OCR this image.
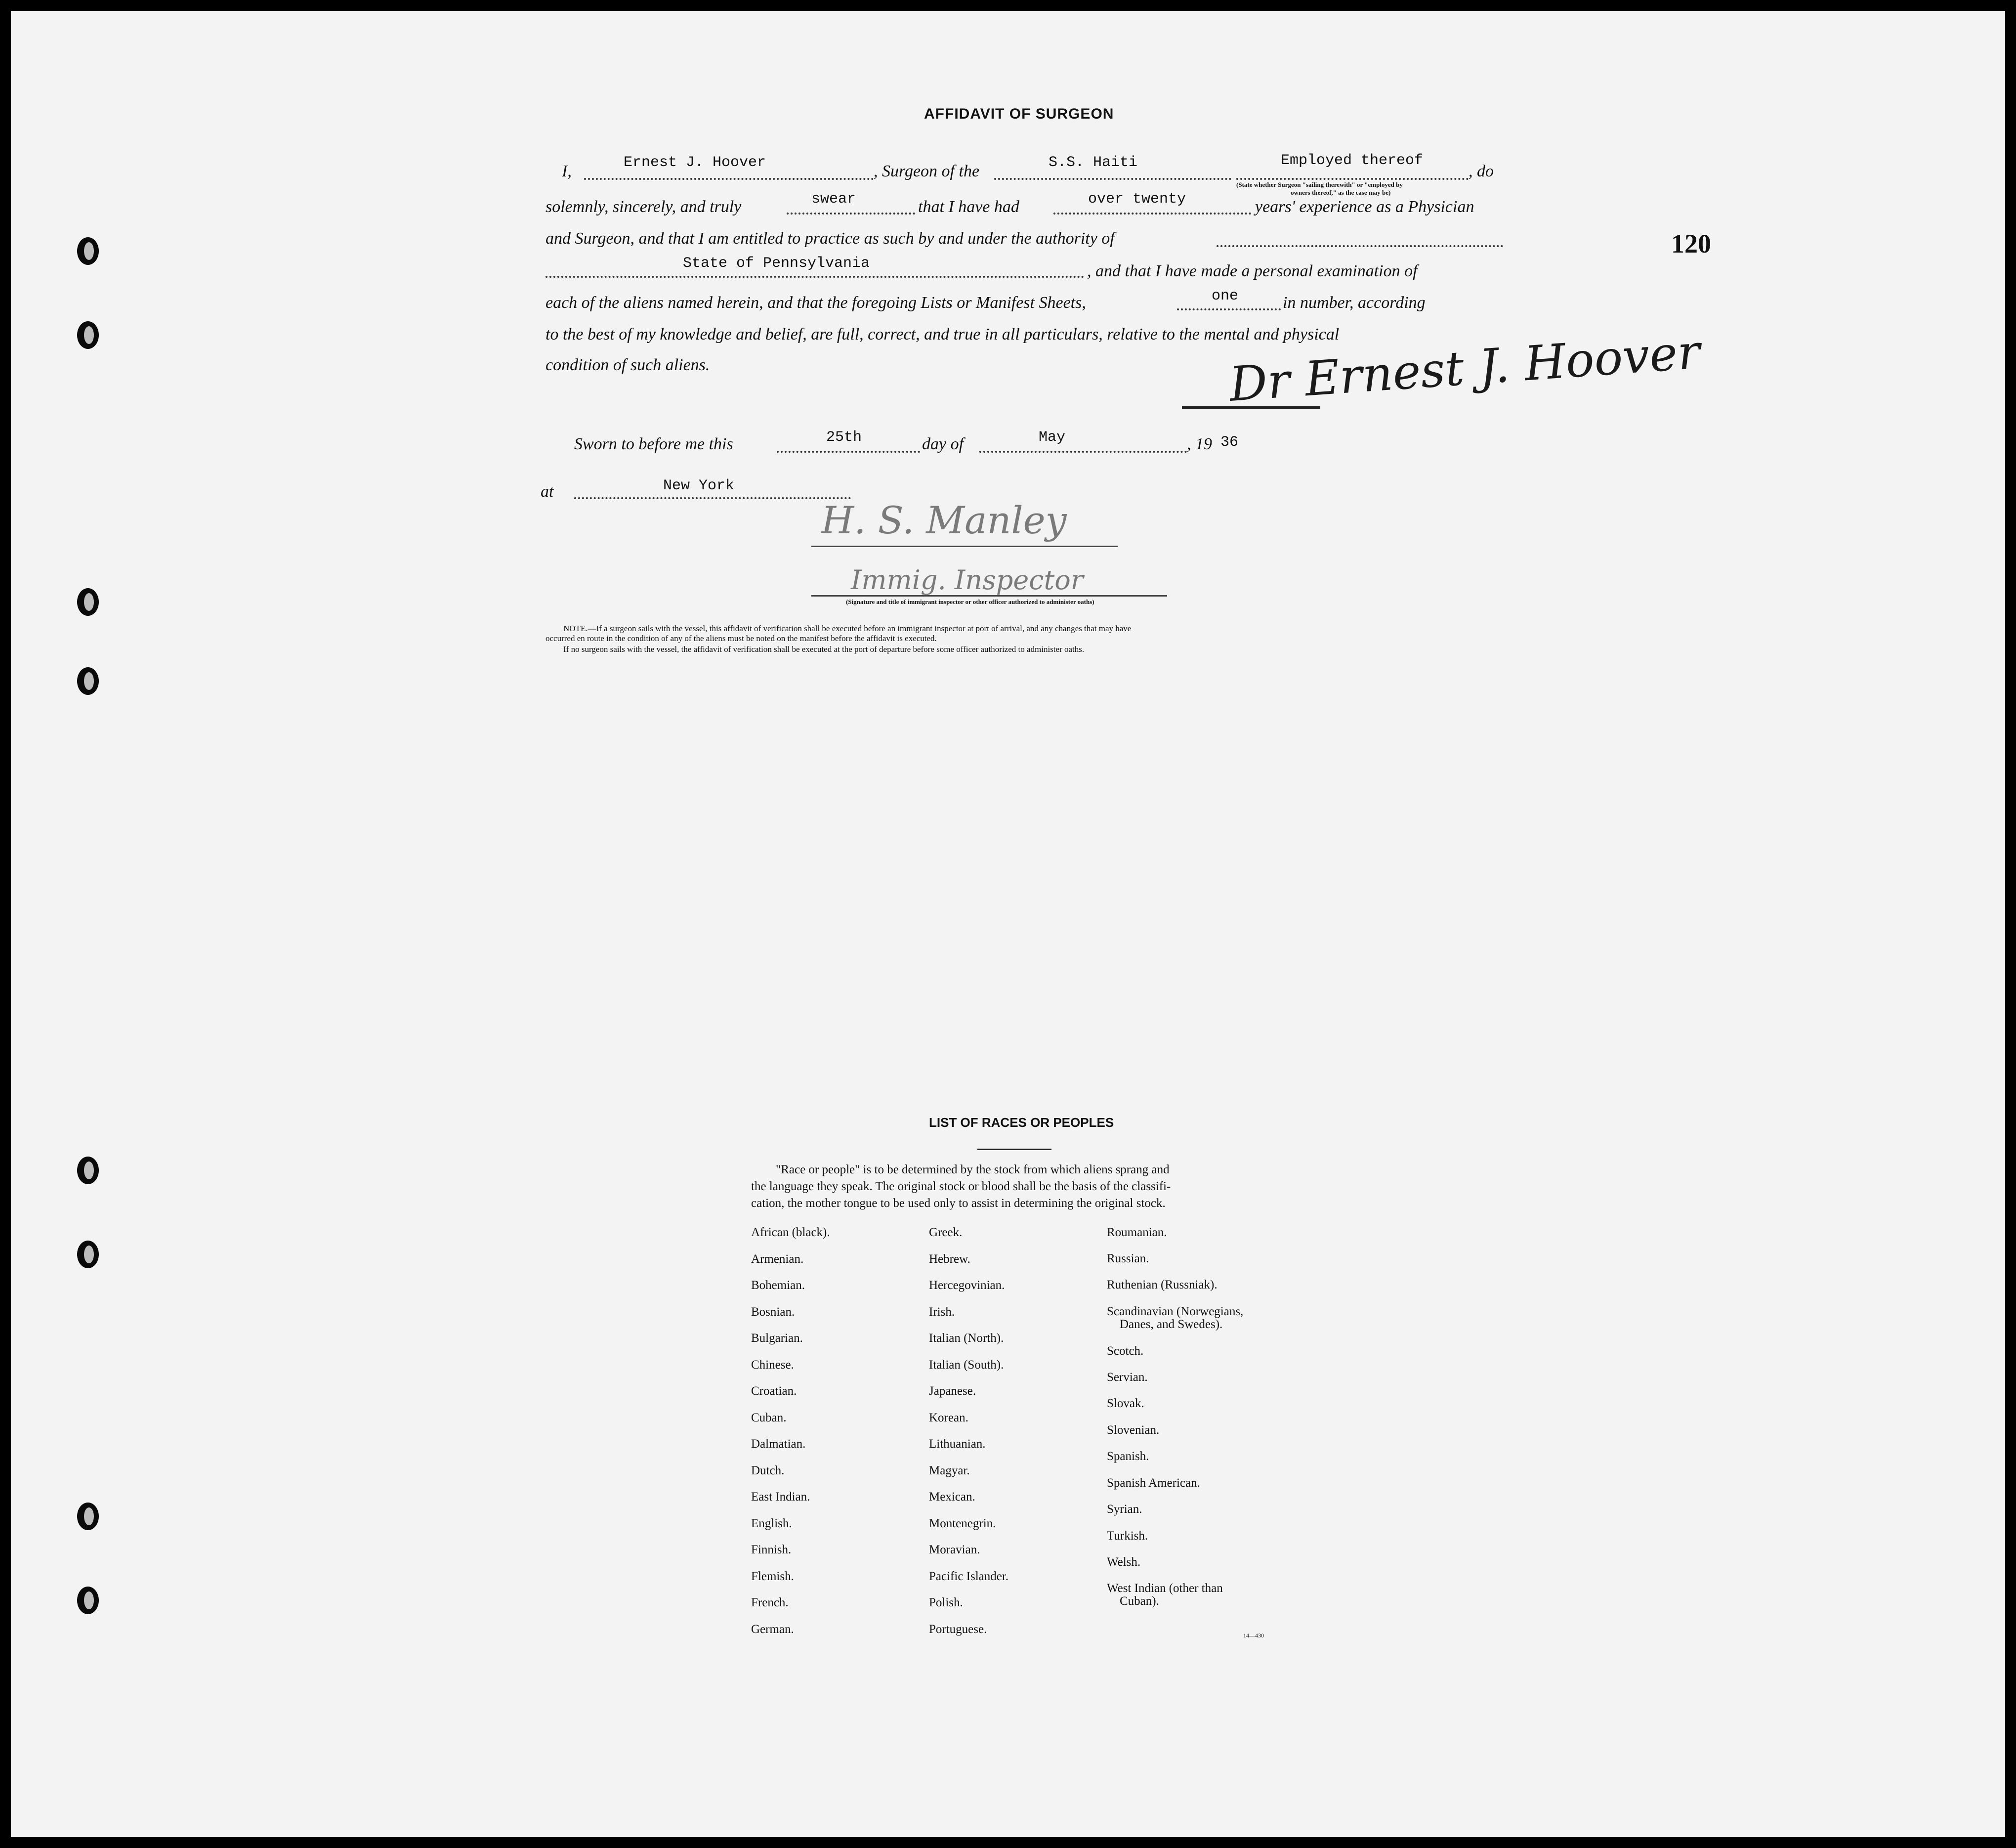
120
AFFIDAVIT OF SURGEON
I,	Ernest J. Hoover	, Surgeon of the	S.S. Haiti	Employed thereof
, do
(State whether Surgeon "sailing therewith" or "employed by
owners thereof," as the case may be)
solemnly, sincerely, and truly	swear	that I have had	over twenty	years' experience as a Physician
and Surgeon, and that I am entitled to practice as such by and under the authority of
State of Pennsylvania	, and that I have made a personal examination of
each of the aliens named herein, and that the foregoing Lists or Manifest Sheets,	one	in number, according
to the best of my knowledge and belief, are full, correct, and true in all particulars, relative to the mental and physical
condition of such aliens.	Dr Ernest J. Hoover
Sworn to before me this	25th	day of	May	, 19 36
at	New York
H. S. Manley
Immig. Inspector
(Signature and title of immigrant inspector or other officer authorized to administer oaths)
NOTE.—If a surgeon sails with the vessel, this affidavit of verification shall be executed before an immigrant inspector at port of arrival, and any changes that may have
occurred en route in the condition of any of the aliens must be noted on the manifest before the affidavit is executed.
If no surgeon sails with the vessel, the affidavit of verification shall be executed at the port of departure before some officer authorized to administer oaths.
LIST OF RACES OR PEOPLES
"Race or people" is to be determined by the stock from which aliens sprang and
the language they speak. The original stock or blood shall be the basis of the classifi-
cation, the mother tongue to be used only to assist in determining the original stock.
African (black).
Armenian.
Bohemian.
Bosnian.
Bulgarian.
Chinese.
Croatian.
Cuban.
Dalmatian.
Dutch.
East Indian.
English.
Finnish.
Flemish.
French.
German.
Greek.
Hebrew.
Hercegovinian.
Irish.
Italian (North).
Italian (South).
Japanese.
Korean.
Lithuanian.
Magyar.
Mexican.
Montenegrin.
Moravian.
Pacific Islander.
Polish.
Portuguese.
Roumanian.
Russian.
Ruthenian (Russniak).
Scandinavian (Norwegians,
Danes, and Swedes).
Scotch.
Servian.
Slovak.
Slovenian.
Spanish.
Spanish American.
Syrian.
Turkish.
Welsh.
West Indian (other than
Cuban).
14—430
